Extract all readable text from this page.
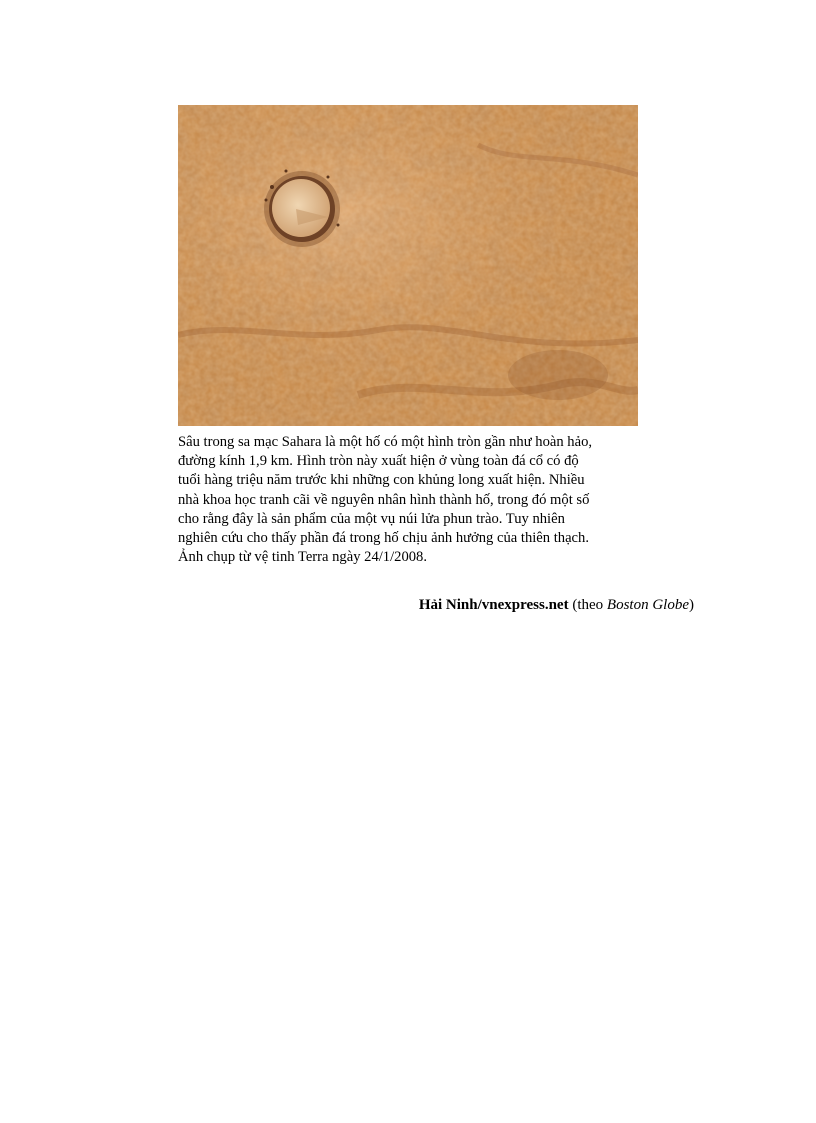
Sâu trong sa mạc Sahara là một hố có một hình tròn gần như hoàn hảo,
đường kính 1,9 km. Hình tròn này xuất hiện ở vùng toàn đá cổ có độ
tuổi hàng triệu năm trước khi những con khủng long xuất hiện. Nhiều
nhà khoa học tranh cãi về nguyên nhân hình thành hố, trong đó một số
cho rằng đây là sản phẩm của một vụ núi lửa phun trào. Tuy nhiên
nghiên cứu cho thấy phần đá trong hố chịu ảnh hưởng của thiên thạch.
Ảnh chụp từ vệ tinh Terra ngày 24/1/2008.

Hải Ninh/vnexpress.net (theo Boston Globe)
